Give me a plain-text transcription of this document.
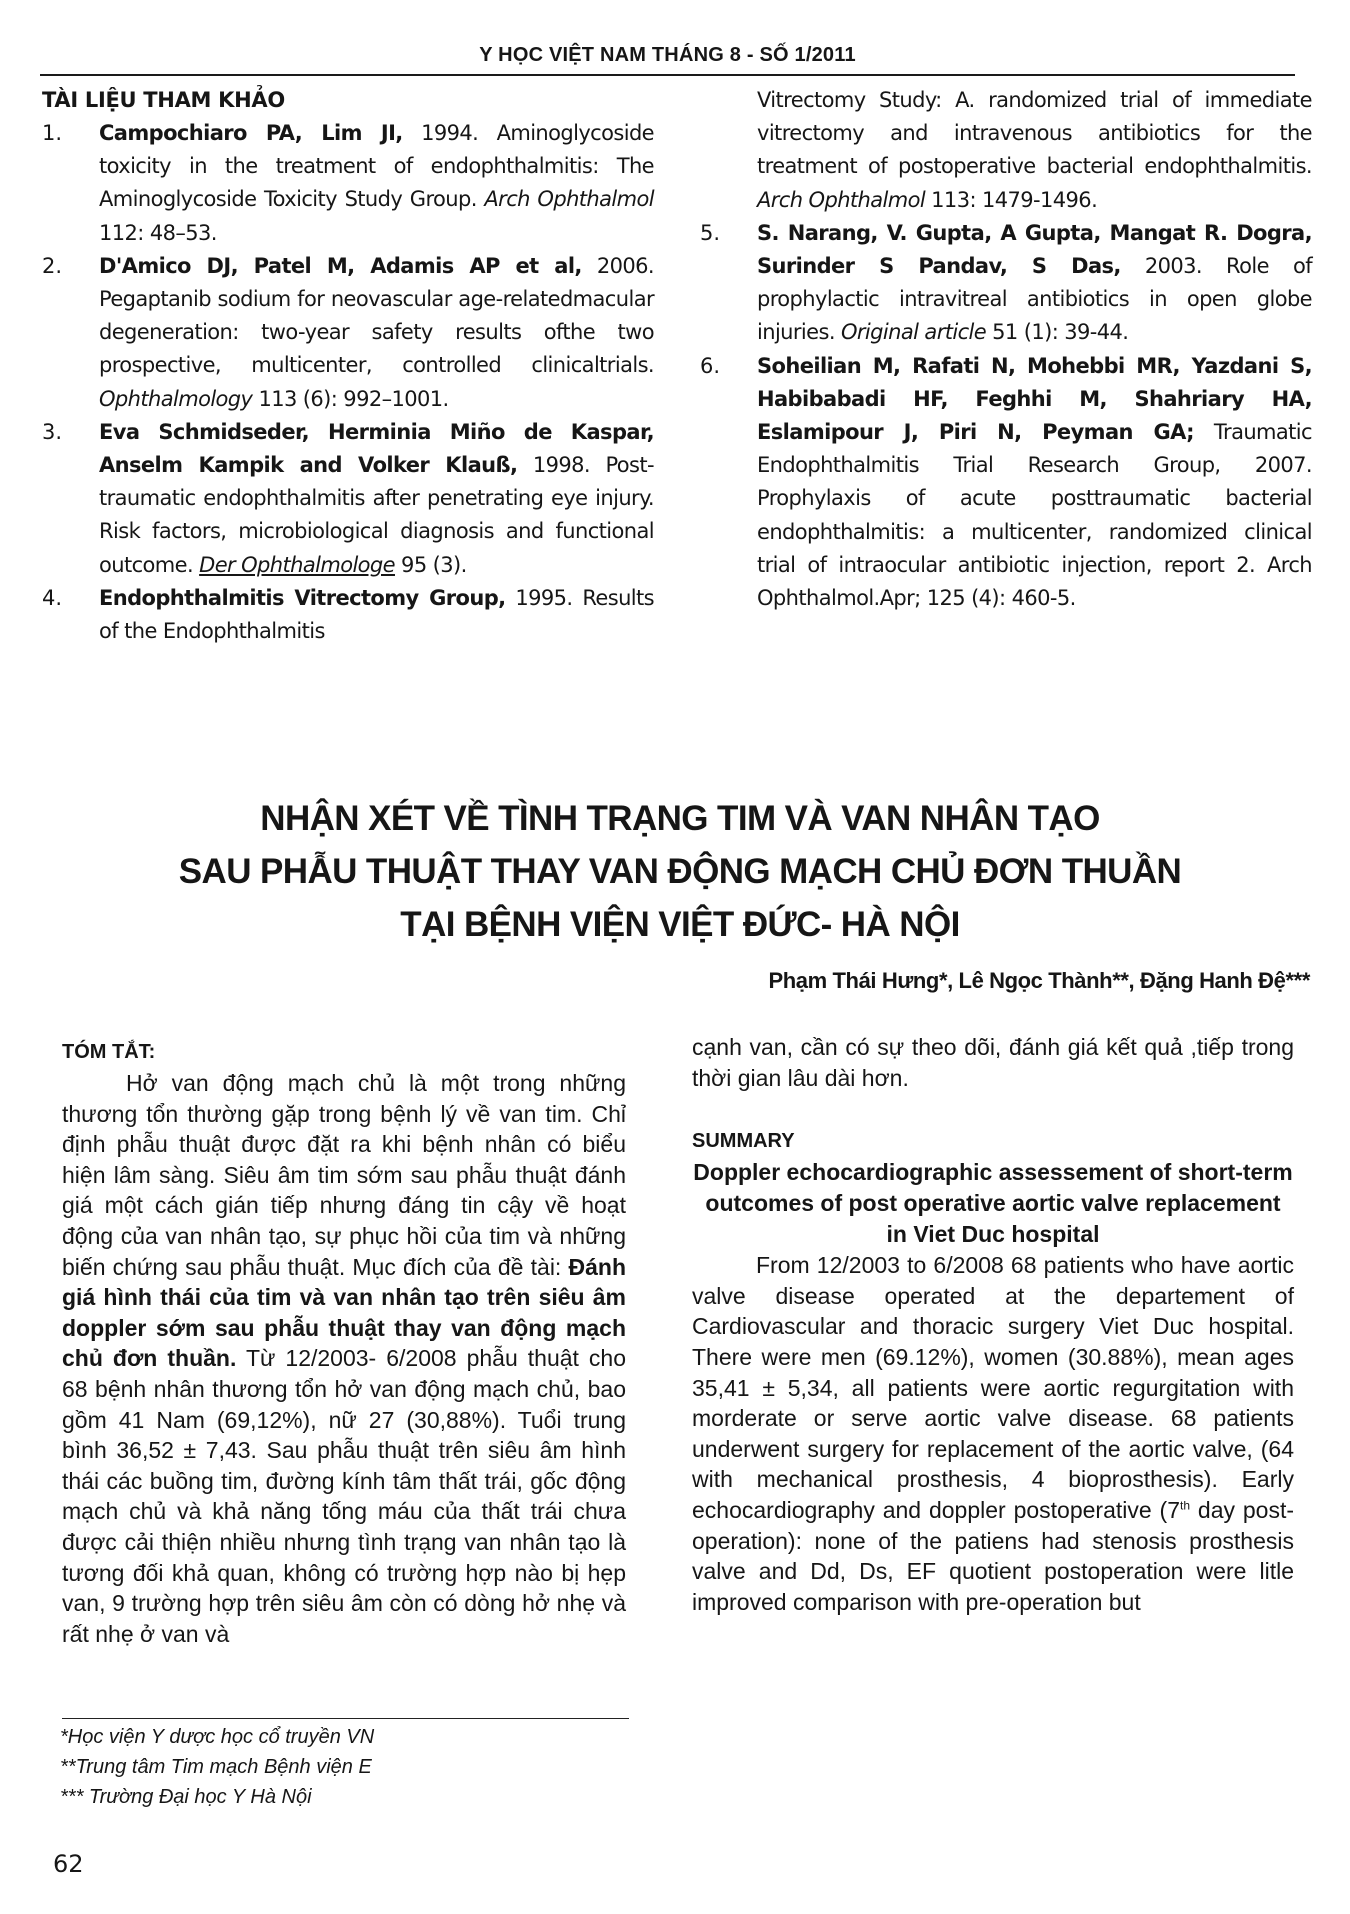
Y HỌC VIỆT NAM THÁNG 8 - SỐ 1/2011
TÀI LIỆU THAM KHẢO
1.	Campochiaro PA, Lim JI, 1994. Aminoglycoside toxicity in the treatment of endophthalmitis: The Aminoglycoside Toxicity Study Group. Arch Ophthalmol 112: 48–53.
2.	D'Amico DJ, Patel M, Adamis AP et al, 2006. Pegaptanib sodium for neovascular age-relatedmacular degeneration: two-year safety results ofthe two prospective, multicenter, controlled clinicaltrials. Ophthalmology 113 (6): 992–1001.
3.	Eva Schmidseder, Herminia Miño de Kaspar, Anselm Kampik and Volker Klauß, 1998. Post-traumatic endophthalmitis after penetrating eye injury. Risk factors, microbiological diagnosis and functional outcome. Der Ophthalmologe 95 (3).
4.	Endophthalmitis Vitrectomy Group, 1995. Results of the Endophthalmitis
Vitrectomy Study: A. randomized trial of immediate vitrectomy and intravenous antibiotics for the treatment of postoperative bacterial endophthalmitis. Arch Ophthalmol 113: 1479-1496.
5.	S. Narang, V. Gupta, A Gupta, Mangat R. Dogra, Surinder S Pandav, S Das, 2003. Role of prophylactic intravitreal antibiotics in open globe injuries. Original article 51 (1): 39-44.
6.	Soheilian M, Rafati N, Mohebbi MR, Yazdani S, Habibabadi HF, Feghhi M, Shahriary HA, Eslamipour J, Piri N, Peyman GA; Traumatic Endophthalmitis Trial Research Group, 2007. Prophylaxis of acute posttraumatic bacterial endophthalmitis: a multicenter, randomized clinical trial of intraocular antibiotic injection, report 2. Arch Ophthalmol.Apr; 125 (4): 460-5.
NHẬN XÉT VỀ TÌNH TRẠNG TIM VÀ VAN NHÂN TẠO
SAU PHẪU THUẬT THAY VAN ĐỘNG MẠCH CHỦ ĐƠN THUẦN
TẠI BỆNH VIỆN VIỆT ĐỨC- HÀ NỘI
Phạm Thái Hưng*, Lê Ngọc Thành**, Đặng Hanh Đệ***
TÓM TẮT:

Hở van động mạch chủ là một trong những thương tổn thường gặp trong bệnh lý về van tim. Chỉ định phẫu thuật được đặt ra khi bệnh nhân có biểu hiện lâm sàng. Siêu âm tim sớm sau phẫu thuật đánh giá một cách gián tiếp nhưng đáng tin cậy về hoạt động của van nhân tạo, sự phục hồi của tim và những biến chứng sau phẫu thuật. Mục đích của đề tài: Đánh giá hình thái của tim và van nhân tạo trên siêu âm doppler sớm sau phẫu thuật thay van động mạch chủ đơn thuần. Từ 12/2003- 6/2008 phẫu thuật cho 68 bệnh nhân thương tổn hở van động mạch chủ, bao gồm 41 Nam (69,12%), nữ 27 (30,88%). Tuổi trung bình 36,52 ± 7,43. Sau phẫu thuật trên siêu âm hình thái các buồng tim, đường kính tâm thất trái, gốc động mạch chủ và khả năng tống máu của thất trái chưa được cải thiện nhiều nhưng tình trạng van nhân tạo là tương đối khả quan, không có trường hợp nào bị hẹp van, 9 trường hợp trên siêu âm còn có dòng hở nhẹ và rất nhẹ ở van và

cạnh van, cần có sự theo dõi, đánh giá kết quả ,tiếp trong thời gian lâu dài hơn.

SUMMARY
Doppler echocardiographic assessement of short-term outcomes of post operative aortic valve replacement in Viet Duc hospital

From 12/2003 to 6/2008 68 patients who have aortic valve disease operated at the departement of Cardiovascular and thoracic surgery Viet Duc hospital. There were men (69.12%), women (30.88%), mean ages 35,41 ± 5,34, all patients were aortic regurgitation with morderate or serve aortic valve disease. 68 patients underwent surgery for replacement of the aortic valve, (64 with mechanical prosthesis, 4 bioprosthesis). Early echocardiography and doppler postoperative (7th day post-operation): none of the patiens had stenosis prosthesis valve and Dd, Ds, EF quotient postoperation were litle improved comparison with pre-operation but

*Học viện Y dược học cổ truyền VN
**Trung tâm Tim mạch Bệnh viện E
*** Trường Đại học Y Hà Nội
62
